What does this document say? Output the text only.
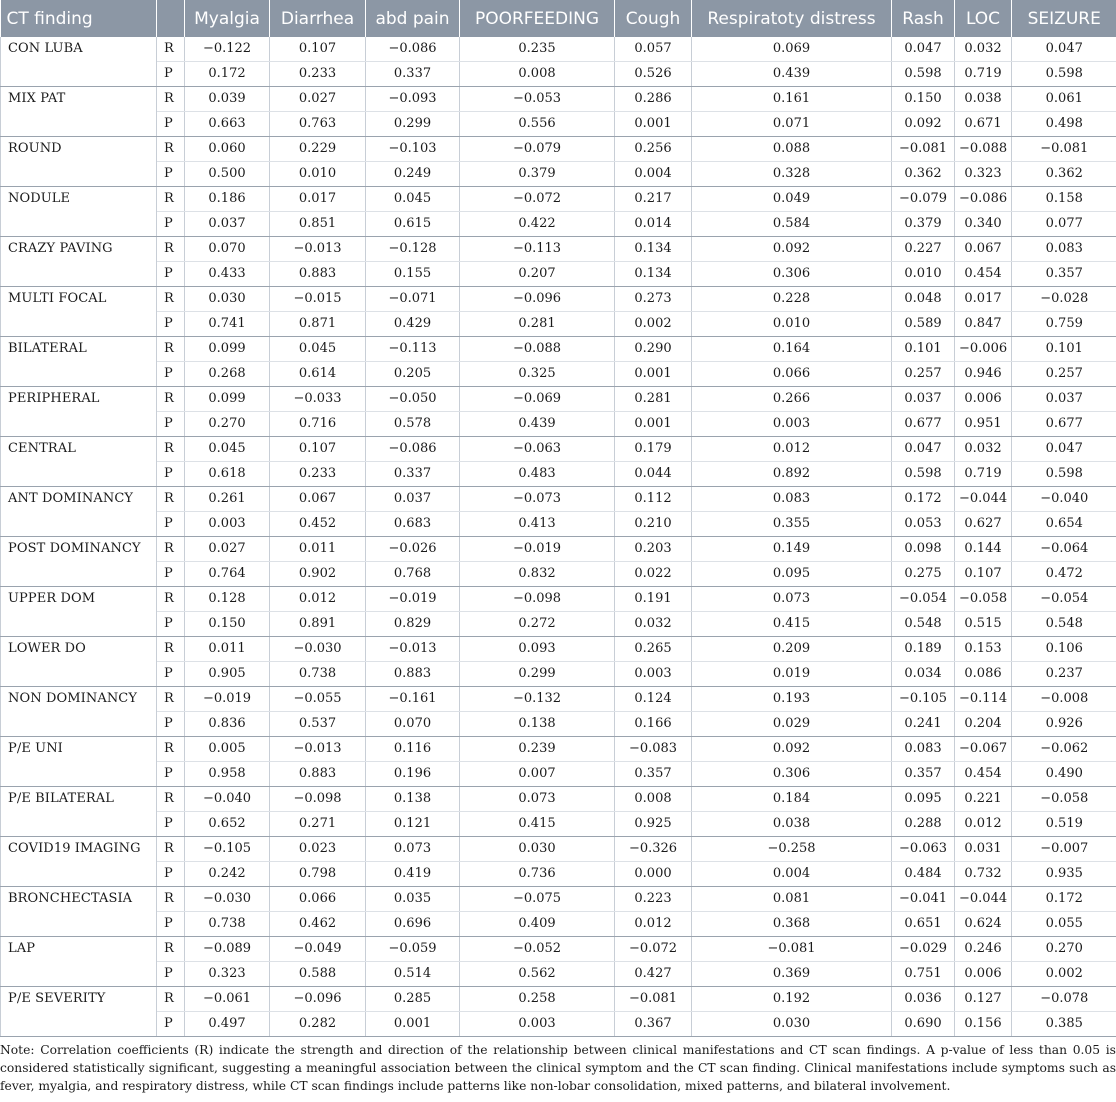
CT finding		Myalgia	Diarrhea	abd pain	POORFEEDING	Cough	Respiratoty distress	Rash	LOC	SEIZURE
CON LUBA	R	−0.122	0.107	−0.086	0.235	0.057	0.069	0.047	0.032	0.047
	P	0.172	0.233	0.337	0.008	0.526	0.439	0.598	0.719	0.598
MIX PAT	R	0.039	0.027	−0.093	−0.053	0.286	0.161	0.150	0.038	0.061
	P	0.663	0.763	0.299	0.556	0.001	0.071	0.092	0.671	0.498
ROUND	R	0.060	0.229	−0.103	−0.079	0.256	0.088	−0.081	−0.088	−0.081
	P	0.500	0.010	0.249	0.379	0.004	0.328	0.362	0.323	0.362
NODULE	R	0.186	0.017	0.045	−0.072	0.217	0.049	−0.079	−0.086	0.158
	P	0.037	0.851	0.615	0.422	0.014	0.584	0.379	0.340	0.077
CRAZY PAVING	R	0.070	−0.013	−0.128	−0.113	0.134	0.092	0.227	0.067	0.083
	P	0.433	0.883	0.155	0.207	0.134	0.306	0.010	0.454	0.357
MULTI FOCAL	R	0.030	−0.015	−0.071	−0.096	0.273	0.228	0.048	0.017	−0.028
	P	0.741	0.871	0.429	0.281	0.002	0.010	0.589	0.847	0.759
BILATERAL	R	0.099	0.045	−0.113	−0.088	0.290	0.164	0.101	−0.006	0.101
	P	0.268	0.614	0.205	0.325	0.001	0.066	0.257	0.946	0.257
PERIPHERAL	R	0.099	−0.033	−0.050	−0.069	0.281	0.266	0.037	0.006	0.037
	P	0.270	0.716	0.578	0.439	0.001	0.003	0.677	0.951	0.677
CENTRAL	R	0.045	0.107	−0.086	−0.063	0.179	0.012	0.047	0.032	0.047
	P	0.618	0.233	0.337	0.483	0.044	0.892	0.598	0.719	0.598
ANT DOMINANCY	R	0.261	0.067	0.037	−0.073	0.112	0.083	0.172	−0.044	−0.040
	P	0.003	0.452	0.683	0.413	0.210	0.355	0.053	0.627	0.654
POST DOMINANCY	R	0.027	0.011	−0.026	−0.019	0.203	0.149	0.098	0.144	−0.064
	P	0.764	0.902	0.768	0.832	0.022	0.095	0.275	0.107	0.472
UPPER DOM	R	0.128	0.012	−0.019	−0.098	0.191	0.073	−0.054	−0.058	−0.054
	P	0.150	0.891	0.829	0.272	0.032	0.415	0.548	0.515	0.548
LOWER DO	R	0.011	−0.030	−0.013	0.093	0.265	0.209	0.189	0.153	0.106
	P	0.905	0.738	0.883	0.299	0.003	0.019	0.034	0.086	0.237
NON DOMINANCY	R	−0.019	−0.055	−0.161	−0.132	0.124	0.193	−0.105	−0.114	−0.008
	P	0.836	0.537	0.070	0.138	0.166	0.029	0.241	0.204	0.926
P/E UNI	R	0.005	−0.013	0.116	0.239	−0.083	0.092	0.083	−0.067	−0.062
	P	0.958	0.883	0.196	0.007	0.357	0.306	0.357	0.454	0.490
P/E BILATERAL	R	−0.040	−0.098	0.138	0.073	0.008	0.184	0.095	0.221	−0.058
	P	0.652	0.271	0.121	0.415	0.925	0.038	0.288	0.012	0.519
COVID19 IMAGING	R	−0.105	0.023	0.073	0.030	−0.326	−0.258	−0.063	0.031	−0.007
	P	0.242	0.798	0.419	0.736	0.000	0.004	0.484	0.732	0.935
BRONCHECTASIA	R	−0.030	0.066	0.035	−0.075	0.223	0.081	−0.041	−0.044	0.172
	P	0.738	0.462	0.696	0.409	0.012	0.368	0.651	0.624	0.055
LAP	R	−0.089	−0.049	−0.059	−0.052	−0.072	−0.081	−0.029	0.246	0.270
	P	0.323	0.588	0.514	0.562	0.427	0.369	0.751	0.006	0.002
P/E SEVERITY	R	−0.061	−0.096	0.285	0.258	−0.081	0.192	0.036	0.127	−0.078
	P	0.497	0.282	0.001	0.003	0.367	0.030	0.690	0.156	0.385
Note: Correlation coefficients (R) indicate the strength and direction of the relationship between clinical manifestations and CT scan findings. A p-value of less than 0.05 is considered statistically significant, suggesting a meaningful association between the clinical symptom and the CT scan finding. Clinical manifestations include symptoms such as fever, myalgia, and respiratory distress, while CT scan findings include patterns like non-lobar consolidation, mixed patterns, and bilateral involvement.
